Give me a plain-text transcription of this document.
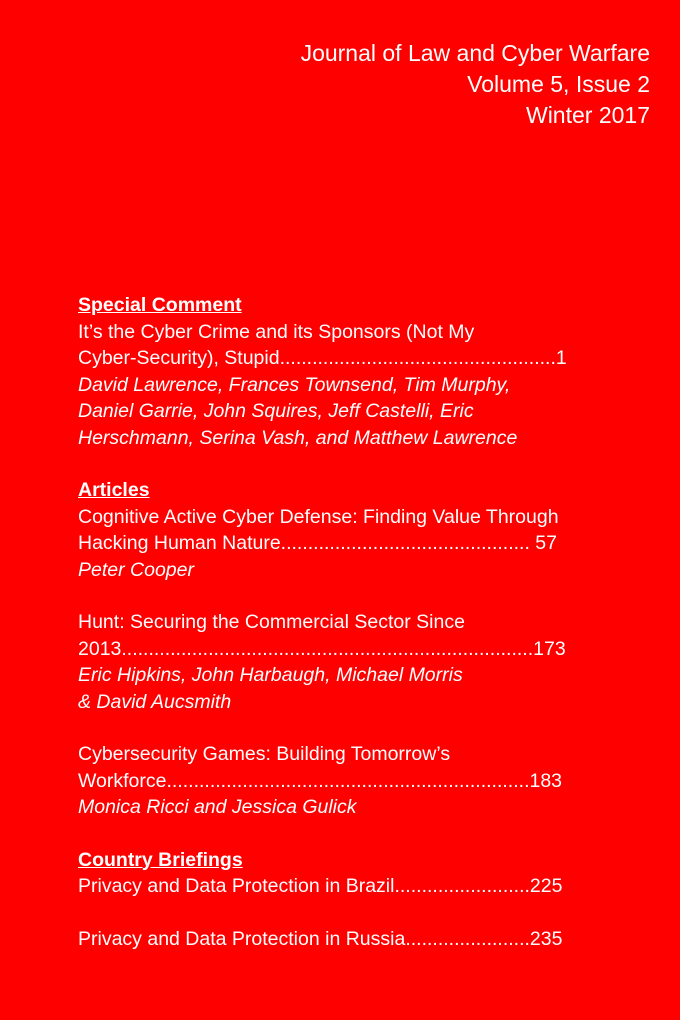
Journal of Law and Cyber Warfare
Volume 5, Issue 2
Winter 2017
Special Comment
It’s the Cyber Crime and its Sponsors (Not My
Cyber-Security), Stupid...................................................1
David Lawrence, Frances Townsend, Tim Murphy,
Daniel Garrie, John Squires, Jeff Castelli, Eric
Herschmann, Serina Vash, and Matthew Lawrence
Articles
Cognitive Active Cyber Defense: Finding Value Through
Hacking Human Nature.............................................. 57
Peter Cooper
Hunt: Securing the Commercial Sector Since
2013............................................................................173
Eric Hipkins, John Harbaugh, Michael Morris
& David Aucsmith
Cybersecurity Games: Building Tomorrow’s
Workforce...................................................................183
Monica Ricci and Jessica Gulick
Country Briefings
Privacy and Data Protection in Brazil.........................225
Privacy and Data Protection in Russia.......................235
